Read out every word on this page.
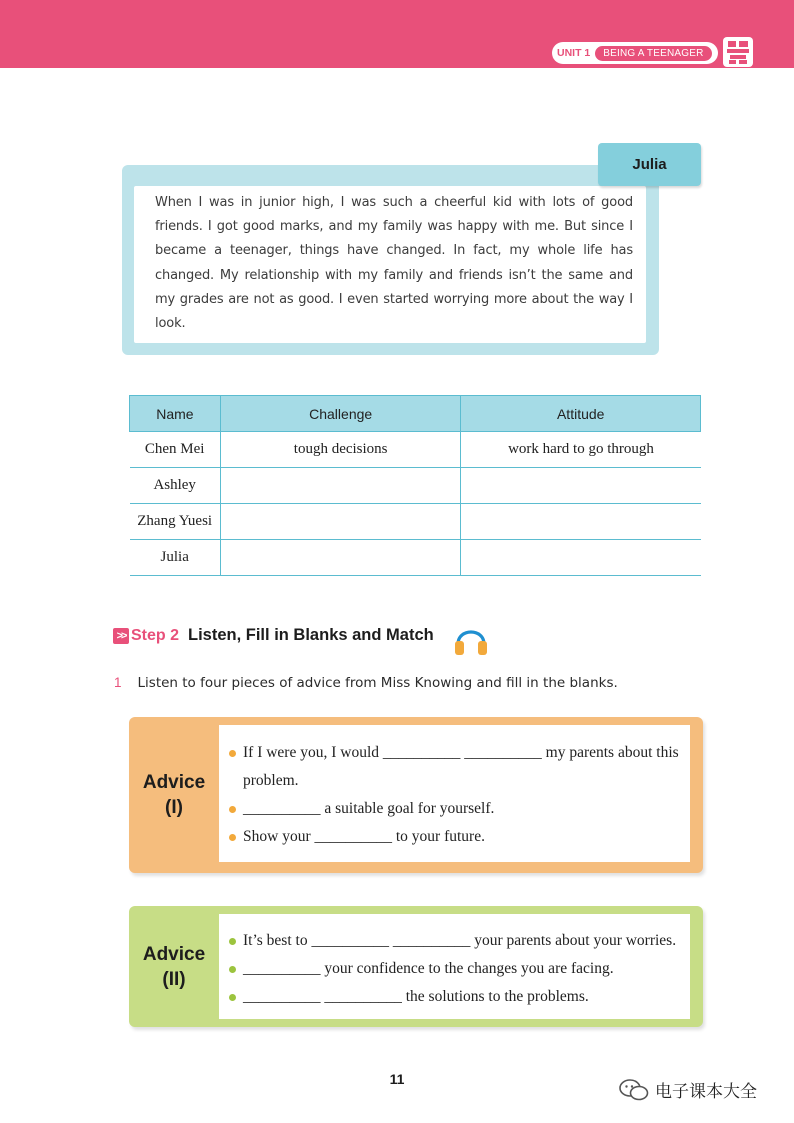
UNIT 1	BEING A TEENAGER

When I was in junior high, I was such a cheerful kid with lots of good friends. I got good marks, and my family was happy with me. But since I became a teenager, things have changed. In fact, my whole life has changed. My relationship with my family and friends isn’t the same and my grades are not as good. I even started worrying more about the way I look.

Julia
Name	Challenge	Attitude
Chen Mei	tough decisions	work hard to go through
Ashley		
Zhang Yuesi		
Julia		
>> Step 2 Listen, Fill in Blanks and Match

1 Listen to four pieces of advice from Miss Knowing and fill in the blanks.

Advice
(I)
If I were you, I would __________ __________ my parents about this problem.
__________ a suitable goal for yourself.
Show your __________ to your future.
Advice
(II)
It’s best to __________ __________ your parents about your worries.
__________ your confidence to the changes you are facing.
__________ __________ the solutions to the problems.
11
电子课本大全
